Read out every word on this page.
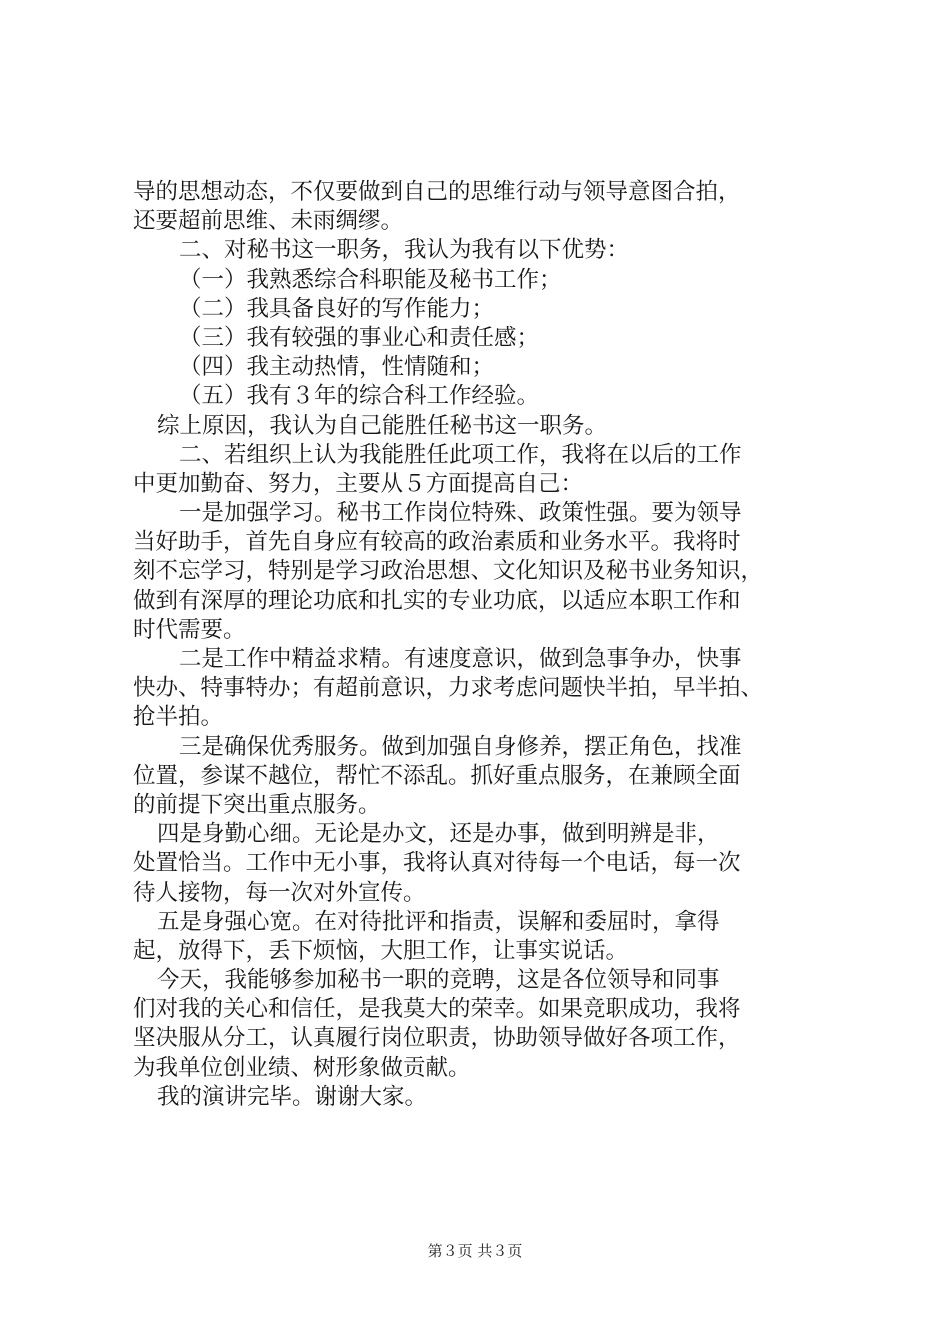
导的思想动态，不仅要做到自己的思维行动与领导意图合拍，
还要超前思维、未雨绸缪。
二、对秘书这一职务，我认为我有以下优势：
（一）我熟悉综合科职能及秘书工作；
（二）我具备良好的写作能力；
（三）我有较强的事业心和责任感；
（四）我主动热情，性情随和；
（五）我有３年的综合科工作经验。
综上原因，我认为自己能胜任秘书这一职务。
二、若组织上认为我能胜任此项工作，我将在以后的工作
中更加勤奋、努力，主要从５方面提高自己：
一是加强学习。秘书工作岗位特殊、政策性强。要为领导
当好助手，首先自身应有较高的政治素质和业务水平。我将时
刻不忘学习，特别是学习政治思想、文化知识及秘书业务知识，
做到有深厚的理论功底和扎实的专业功底，以适应本职工作和
时代需要。
二是工作中精益求精。有速度意识，做到急事争办，快事
快办、特事特办；有超前意识，力求考虑问题快半拍，早半拍、
抢半拍。
三是确保优秀服务。做到加强自身修养，摆正角色，找准
位置，参谋不越位，帮忙不添乱。抓好重点服务，在兼顾全面
的前提下突出重点服务。
四是身勤心细。无论是办文，还是办事，做到明辨是非，
处置恰当。工作中无小事，我将认真对待每一个电话，每一次
待人接物，每一次对外宣传。
五是身强心宽。在对待批评和指责，误解和委屈时，拿得
起，放得下，丢下烦恼，大胆工作，让事实说话。
今天，我能够参加秘书一职的竞聘，这是各位领导和同事
们对我的关心和信任，是我莫大的荣幸。如果竞职成功，我将
坚决服从分工，认真履行岗位职责，协助领导做好各项工作，
为我单位创业绩、树形象做贡献。
我的演讲完毕。谢谢大家。
第３页 共３页
